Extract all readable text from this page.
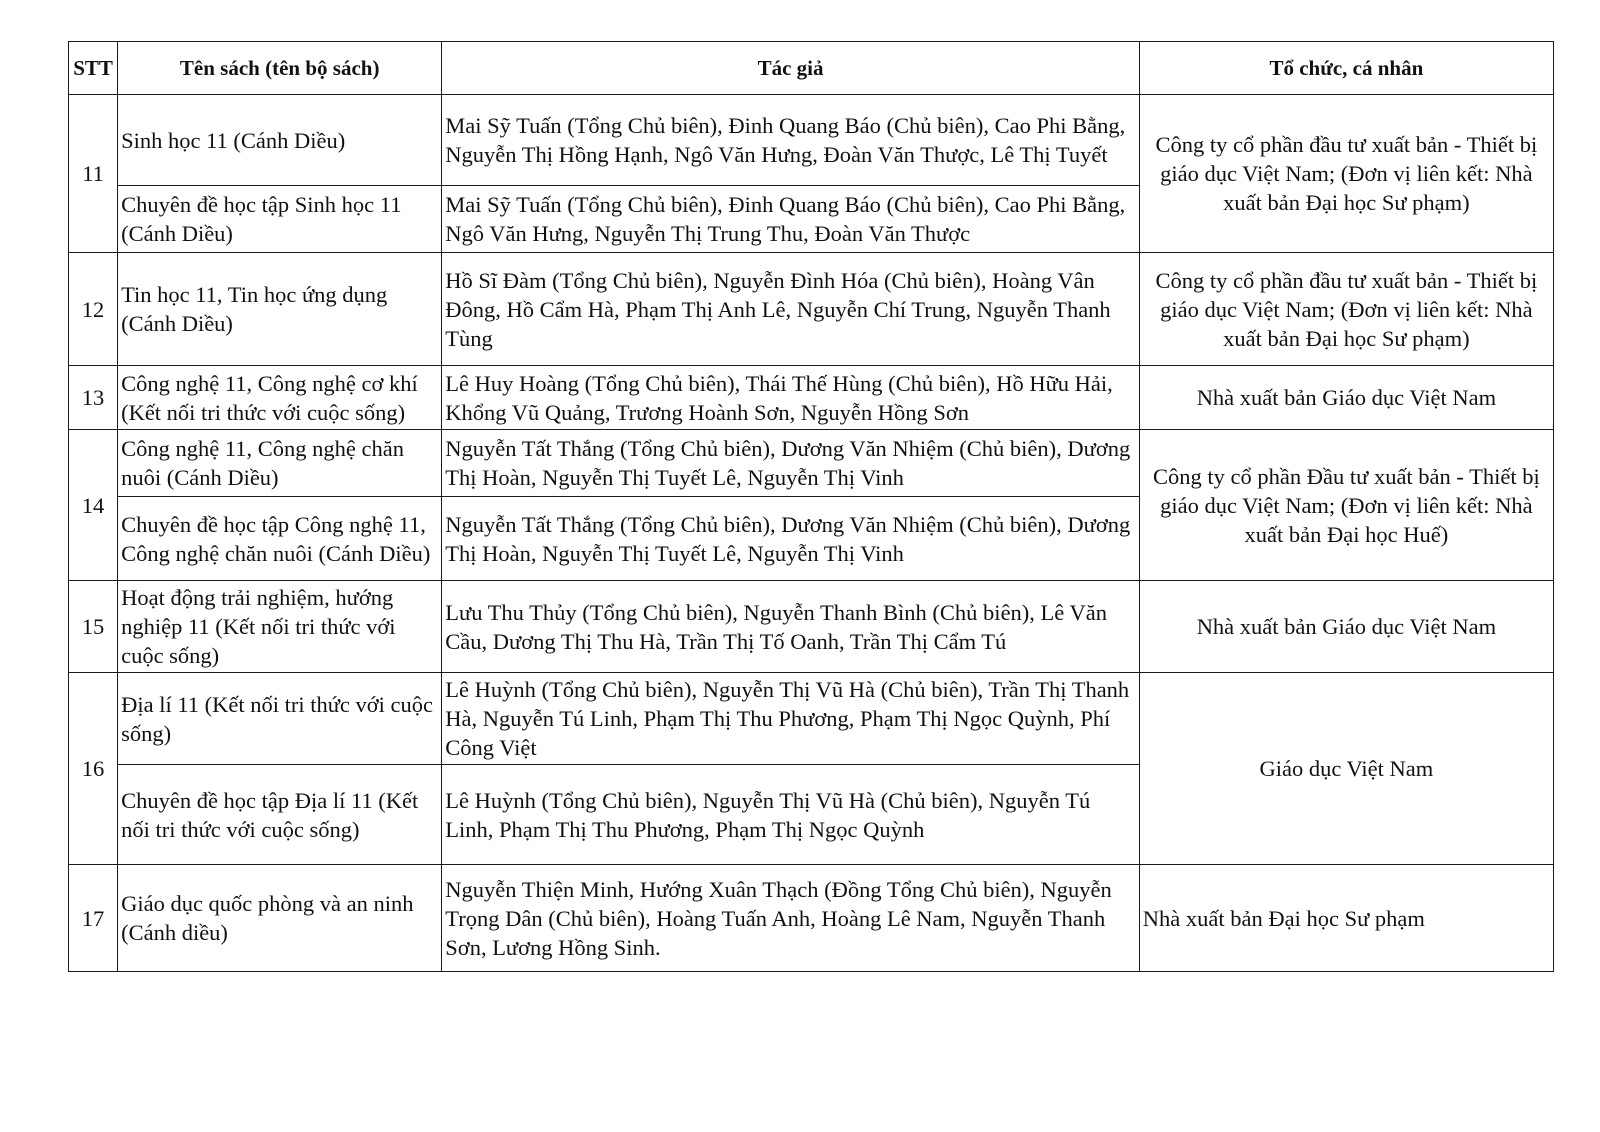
STT	Tên sách (tên bộ sách)	Tác giả	Tổ chức, cá nhân
11	Sinh học 11 (Cánh Diều)	Mai Sỹ Tuấn (Tổng Chủ biên), Đinh Quang Báo (Chủ biên), Cao Phi Bằng, Nguyễn Thị Hồng Hạnh, Ngô Văn Hưng, Đoàn Văn Thược, Lê Thị Tuyết	Công ty cổ phần đầu tư xuất bản - Thiết bị giáo dục Việt Nam; (Đơn vị liên kết: Nhà xuất bản Đại học Sư phạm)
	Chuyên đề học tập Sinh học 11 (Cánh Diều)	Mai Sỹ Tuấn (Tổng Chủ biên), Đinh Quang Báo (Chủ biên), Cao Phi Bằng, Ngô Văn Hưng, Nguyễn Thị Trung Thu, Đoàn Văn Thược	
12	Tin học 11, Tin học ứng dụng (Cánh Diều)	Hồ Sĩ Đàm (Tổng Chủ biên), Nguyễn Đình Hóa (Chủ biên), Hoàng Vân Đông, Hồ Cẩm Hà, Phạm Thị Anh Lê, Nguyễn Chí Trung, Nguyễn Thanh Tùng	Công ty cổ phần đầu tư xuất bản - Thiết bị giáo dục Việt Nam; (Đơn vị liên kết: Nhà xuất bản Đại học Sư phạm)
13	Công nghệ 11, Công nghệ cơ khí (Kết nối tri thức với cuộc sống)	Lê Huy Hoàng (Tổng Chủ biên), Thái Thế Hùng (Chủ biên), Hồ Hữu Hải, Khổng Vũ Quảng, Trương Hoành Sơn, Nguyễn Hồng Sơn	Nhà xuất bản Giáo dục Việt Nam
14	Công nghệ 11, Công nghệ chăn nuôi (Cánh Diều)	Nguyễn Tất Thắng (Tổng Chủ biên), Dương Văn Nhiệm (Chủ biên), Dương Thị Hoàn, Nguyễn Thị Tuyết Lê, Nguyễn Thị Vinh	Công ty cổ phần Đầu tư xuất bản - Thiết bị giáo dục Việt Nam; (Đơn vị liên kết: Nhà xuất bản Đại học Huế)
	Chuyên đề học tập Công nghệ 11, Công nghệ chăn nuôi (Cánh Diều)	Nguyễn Tất Thắng (Tổng Chủ biên), Dương Văn Nhiệm (Chủ biên), Dương Thị Hoàn, Nguyễn Thị Tuyết Lê, Nguyễn Thị Vinh	
15	Hoạt động trải nghiệm, hướng nghiệp 11 (Kết nối tri thức với cuộc sống)	Lưu Thu Thủy (Tổng Chủ biên), Nguyễn Thanh Bình (Chủ biên), Lê Văn Cầu, Dương Thị Thu Hà, Trần Thị Tố Oanh, Trần Thị Cẩm Tú	Nhà xuất bản Giáo dục Việt Nam
16	Địa lí 11 (Kết nối tri thức với cuộc sống)	Lê Huỳnh (Tổng Chủ biên), Nguyễn Thị Vũ Hà (Chủ biên), Trần Thị Thanh Hà, Nguyễn Tú Linh, Phạm Thị Thu Phương, Phạm Thị Ngọc Quỳnh, Phí Công Việt	Giáo dục Việt Nam
	Chuyên đề học tập Địa lí 11 (Kết nối tri thức với cuộc sống)	Lê Huỳnh (Tổng Chủ biên), Nguyễn Thị Vũ Hà (Chủ biên), Nguyễn Tú Linh, Phạm Thị Thu Phương, Phạm Thị Ngọc Quỳnh	
17	Giáo dục quốc phòng và an ninh (Cánh diều)	Nguyễn Thiện Minh, Hướng Xuân Thạch (Đồng Tổng Chủ biên), Nguyễn Trọng Dân (Chủ biên), Hoàng Tuấn Anh, Hoàng Lê Nam, Nguyễn Thanh Sơn, Lương Hồng Sinh.	Nhà xuất bản Đại học Sư phạm
